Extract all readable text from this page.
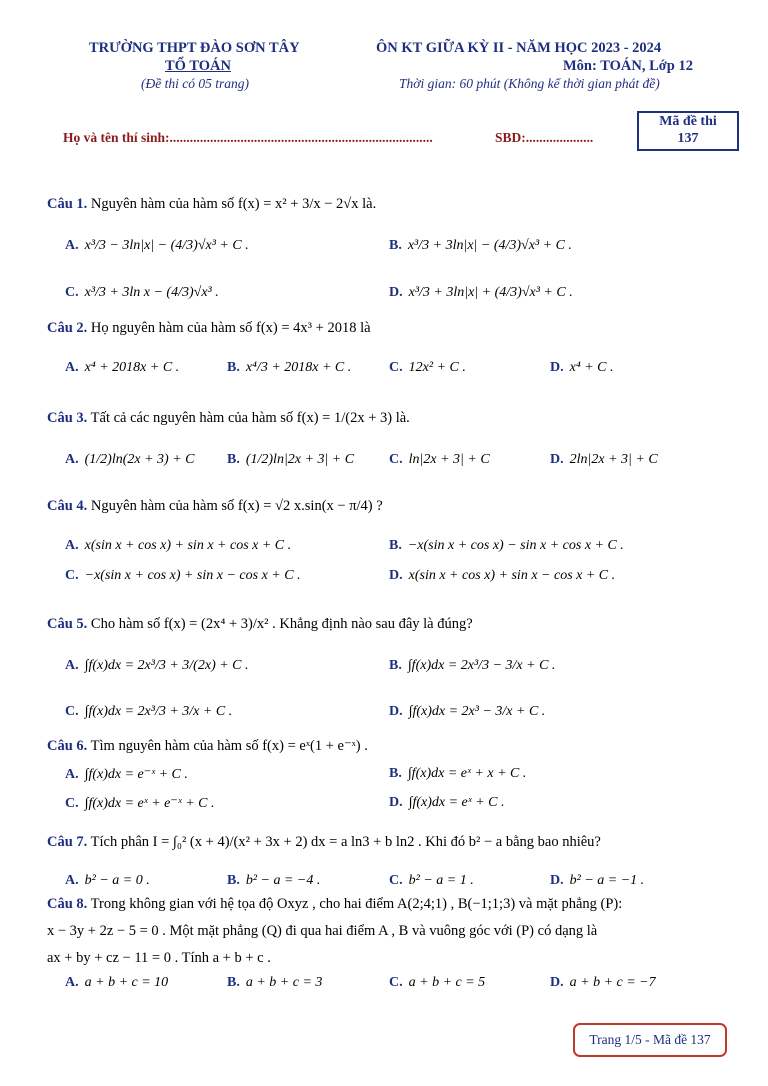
TRƯỜNG THPT ĐÀO SƠN TÂY
TỔ TOÁN
(Đề thi có 05 trang)
ÔN KT GIỮA KỲ II - NĂM HỌC 2023 - 2024
Môn: TOÁN, Lớp 12
Thời gian: 60 phút (Không kể thời gian phát đề)
Mã đề thi
137
Họ và tên thí sinh:..............................................................................	SBD:....................
Câu 1. Nguyên hàm của hàm số f(x) = x² + 3/x − 2√x là.
A. x³/3 − 3ln|x| − (4/3)√x³ + C .	B. x³/3 + 3ln|x| − (4/3)√x³ + C .
C. x³/3 + 3ln x − (4/3)√x³ .	D. x³/3 + 3ln|x| + (4/3)√x³ + C .
Câu 2. Họ nguyên hàm của hàm số f(x) = 4x³ + 2018 là
A. x⁴ + 2018x + C .	B. x⁴/3 + 2018x + C .	C. 12x² + C .	D. x⁴ + C .
Câu 3. Tất cả các nguyên hàm của hàm số f(x) = 1/(2x + 3) là.
A. (1/2)ln(2x + 3) + C B. (1/2)ln|2x + 3| + C C. ln|2x + 3| + C	D. 2ln|2x + 3| + C
Câu 4. Nguyên hàm của hàm số f(x) = √2 x.sin(x − π/4) ?
A. x(sin x + cos x) + sin x + cos x + C .	B. −x(sin x + cos x) − sin x + cos x + C .
C. −x(sin x + cos x) + sin x − cos x + C .	D. x(sin x + cos x) + sin x − cos x + C .
Câu 5. Cho hàm số f(x) = (2x⁴ + 3)/x² . Khẳng định nào sau đây là đúng?
A. ∫f(x)dx = 2x³/3 + 3/(2x) + C .	B. ∫f(x)dx = 2x³/3 − 3/x + C .
C. ∫f(x)dx = 2x³/3 + 3/x + C .	D. ∫f(x)dx = 2x³ − 3/x + C .
Câu 6. Tìm nguyên hàm của hàm số f(x) = eˣ(1 + e⁻ˣ) .
A. ∫f(x)dx = e⁻ˣ + C .	B. ∫f(x)dx = eˣ + x + C .
C. ∫f(x)dx = eˣ + e⁻ˣ + C .	D. ∫f(x)dx = eˣ + C .
Câu 7. Tích phân I = ∫₀² (x + 4)/(x² + 3x + 2) dx = a ln3 + b ln2 . Khi đó b² − a bằng bao nhiêu?
A. b² − a = 0 .	B. b² − a = −4 .	C. b² − a = 1 .	D. b² − a = −1 .
Câu 8. Trong không gian với hệ tọa độ Oxyz , cho hai điểm A(2;4;1) , B(−1;1;3) và mặt phẳng (P):
x − 3y + 2z − 5 = 0 . Một mặt phẳng (Q) đi qua hai điểm A , B và vuông góc với (P) có dạng là
ax + by + cz − 11 = 0 . Tính a + b + c .
A. a + b + c = 10	B. a + b + c = 3	C. a + b + c = 5	D. a + b + c = −7
Trang 1/5 - Mã đề 137
